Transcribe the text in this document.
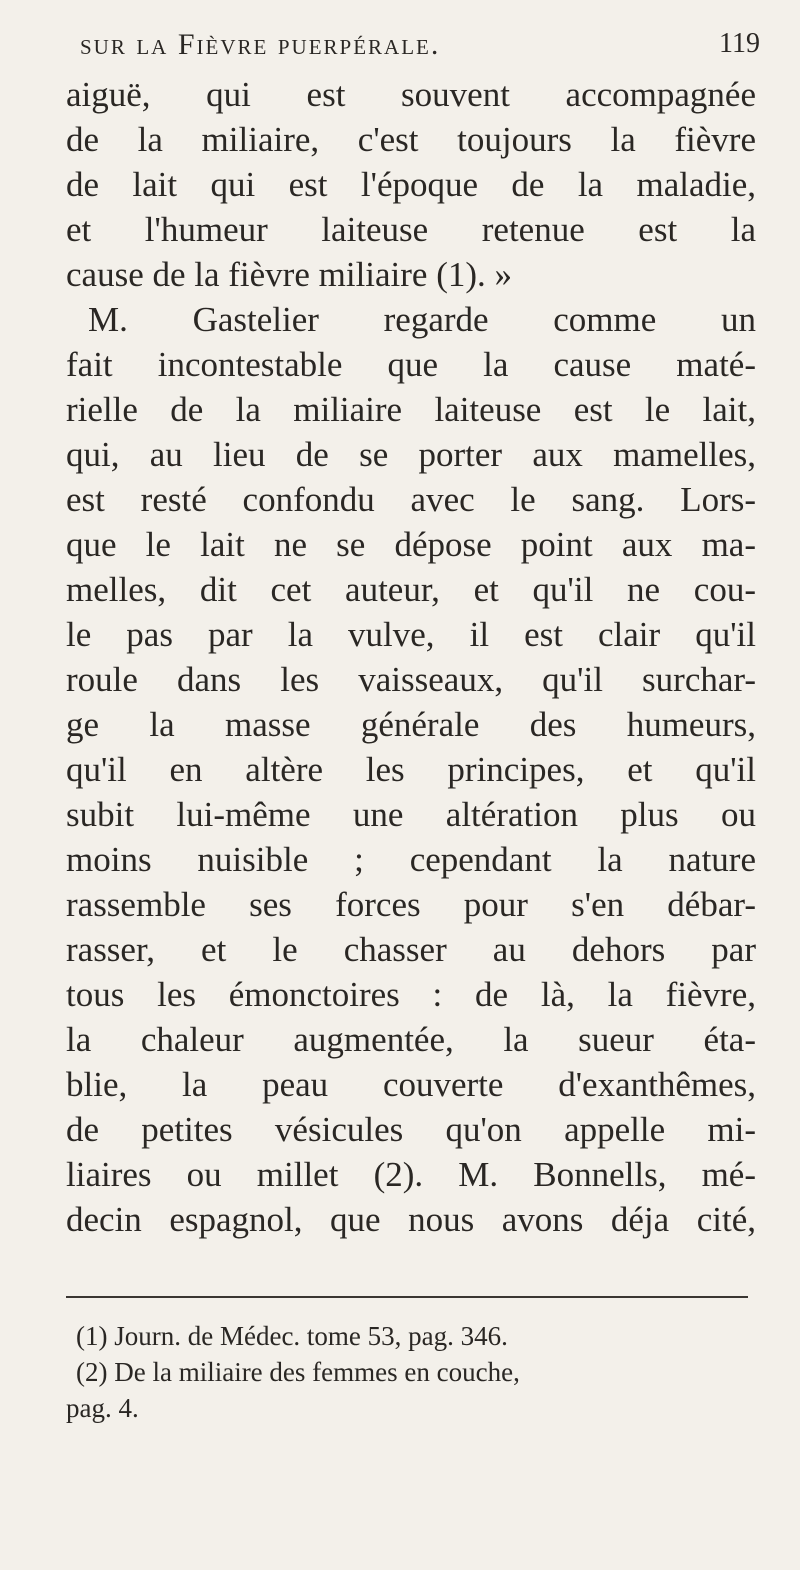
sur la Fièvre puerpérale.	119
aiguë, qui est souvent accompagnée
de la miliaire, c'est toujours la fièvre
de lait qui est l'époque de la maladie,
et l'humeur laiteuse retenue est la
cause de la fièvre miliaire (1). »
M. Gastelier regarde comme un
fait incontestable que la cause maté-
rielle de la miliaire laiteuse est le lait,
qui, au lieu de se porter aux mamelles,
est resté confondu avec le sang. Lors-
que le lait ne se dépose point aux ma-
melles, dit cet auteur, et qu'il ne cou-
le pas par la vulve, il est clair qu'il
roule dans les vaisseaux, qu'il surchar-
ge la masse générale des humeurs,
qu'il en altère les principes, et qu'il
subit lui-même une altération plus ou
moins nuisible ; cependant la nature
rassemble ses forces pour s'en débar-
rasser, et le chasser au dehors par
tous les émonctoires : de là, la fièvre,
la chaleur augmentée, la sueur éta-
blie, la peau couverte d'exanthêmes,
de petites vésicules qu'on appelle mi-
liaires ou millet (2). M. Bonnells, mé-
decin espagnol, que nous avons déja cité,
(1) Journ. de Médec. tome 53, pag. 346.
(2) De la miliaire des femmes en couche,
pag. 4.
